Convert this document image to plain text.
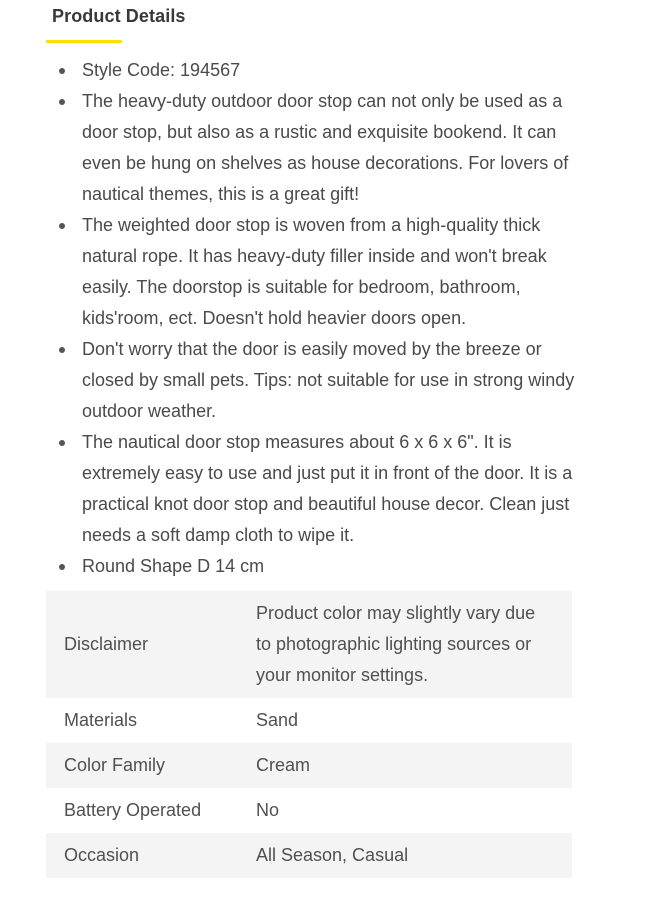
Product Details
Style Code: 194567
The heavy-duty outdoor door stop can not only be used as a door stop, but also as a rustic and exquisite bookend. It can even be hung on shelves as house decorations. For lovers of nautical themes, this is a great gift!
The weighted door stop is woven from a high-quality thick natural rope. It has heavy-duty filler inside and won't break easily. The doorstop is suitable for bedroom, bathroom, kids'room, ect. Doesn't hold heavier doors open.
Don't worry that the door is easily moved by the breeze or closed by small pets. Tips: not suitable for use in strong windy outdoor weather.
The nautical door stop measures about 6 x 6 x 6". It is extremely easy to use and just put it in front of the door. It is a practical knot door stop and beautiful house decor. Clean just needs a soft damp cloth to wipe it.
Round Shape D 14 cm
Disclaimer	Product color may slightly vary due to photographic lighting sources or your monitor settings.
Materials	Sand
Color Family	Cream
Battery Operated	No
Occasion	All Season, Casual
